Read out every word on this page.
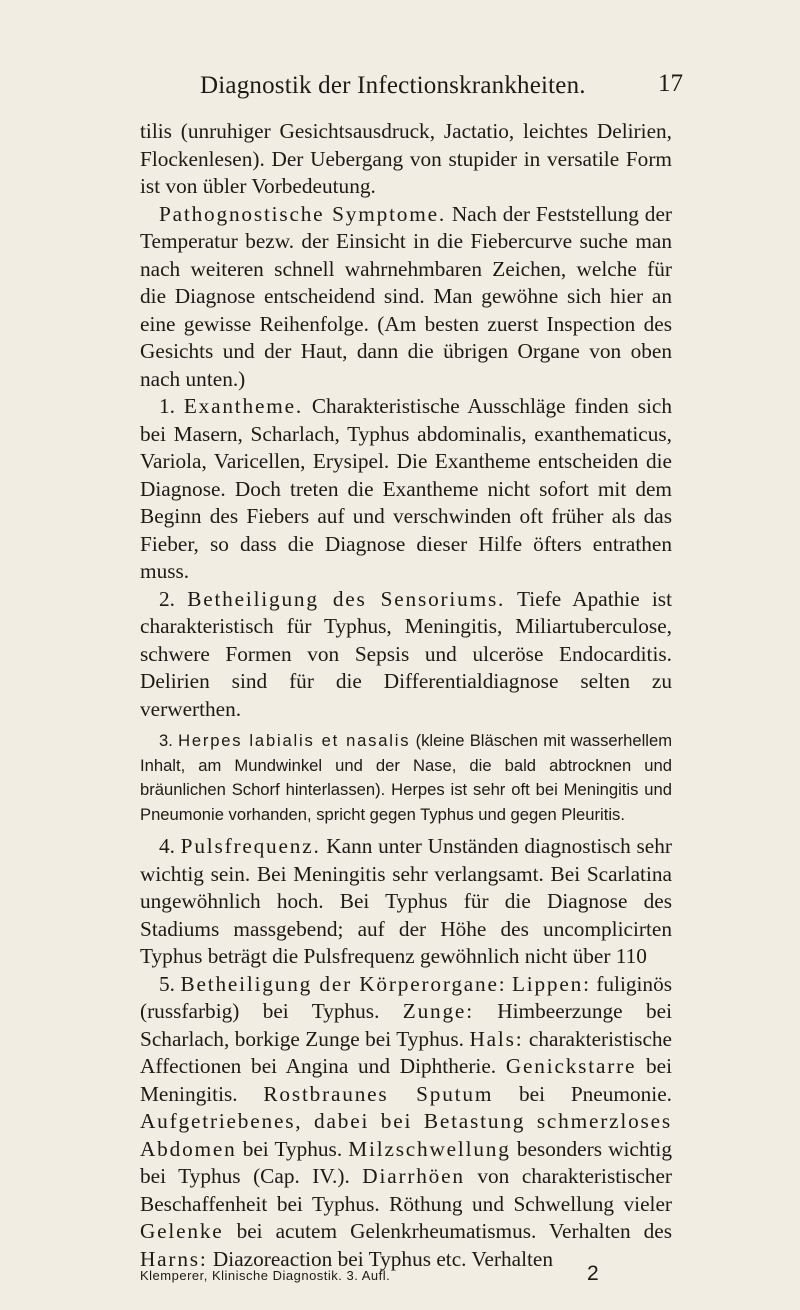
Diagnostik der Infectionskrankheiten.	17

tilis (unruhiger Gesichtsausdruck, Jactatio, leichtes Delirien, Flockenlesen). Der Uebergang von stupider in versatile Form ist von übler Vorbedeutung.

Pathognostische Symptome. Nach der Feststellung der Temperatur bezw. der Einsicht in die Fiebercurve suche man nach weiteren schnell wahrnehmbaren Zeichen, welche für die Diagnose entscheidend sind. Man gewöhne sich hier an eine gewisse Reihenfolge. (Am besten zuerst Inspection des Gesichts und der Haut, dann die übrigen Organe von oben nach unten.)

1. Exantheme. Charakteristische Ausschläge finden sich bei Masern, Scharlach, Typhus abdominalis, exanthematicus, Variola, Varicellen, Erysipel. Die Exantheme entscheiden die Diagnose. Doch treten die Exantheme nicht sofort mit dem Beginn des Fiebers auf und verschwinden oft früher als das Fieber, so dass die Diagnose dieser Hilfe öfters entrathen muss.

2. Betheiligung des Sensoriums. Tiefe Apathie ist charakteristisch für Typhus, Meningitis, Miliartuberculose, schwere Formen von Sepsis und ulceröse Endocarditis. Delirien sind für die Differentialdiagnose selten zu verwerthen.

3. Herpes labialis et nasalis (kleine Bläschen mit wasserhellem Inhalt, am Mundwinkel und der Nase, die bald abtrocknen und bräunlichen Schorf hinterlassen). Herpes ist sehr oft bei Meningitis und Pneumonie vorhanden, spricht gegen Typhus und gegen Pleuritis.

4. Pulsfrequenz. Kann unter Unständen diagnostisch sehr wichtig sein. Bei Meningitis sehr verlangsamt. Bei Scarlatina ungewöhnlich hoch. Bei Typhus für die Diagnose des Stadiums massgebend; auf der Höhe des uncomplicirten Typhus beträgt die Pulsfrequenz gewöhnlich nicht über 110

5. Betheiligung der Körperorgane: Lippen: fuliginös (russfarbig) bei Typhus. Zunge: Himbeerzunge bei Scharlach, borkige Zunge bei Typhus. Hals: charakteristische Affectionen bei Angina und Diphtherie. Genickstarre bei Meningitis. Rostbraunes Sputum bei Pneumonie. Aufgetriebenes, dabei bei Betastung schmerzloses Abdomen bei Typhus. Milzschwellung besonders wichtig bei Typhus (Cap. IV.). Diarrhöen von charakteristischer Beschaffenheit bei Typhus. Röthung und Schwellung vieler Gelenke bei acutem Gelenkrheumatismus. Verhalten des Harns: Diazoreaction bei Typhus etc. Verhalten

Klemperer, Klinische Diagnostik. 3. Aufl.	2
